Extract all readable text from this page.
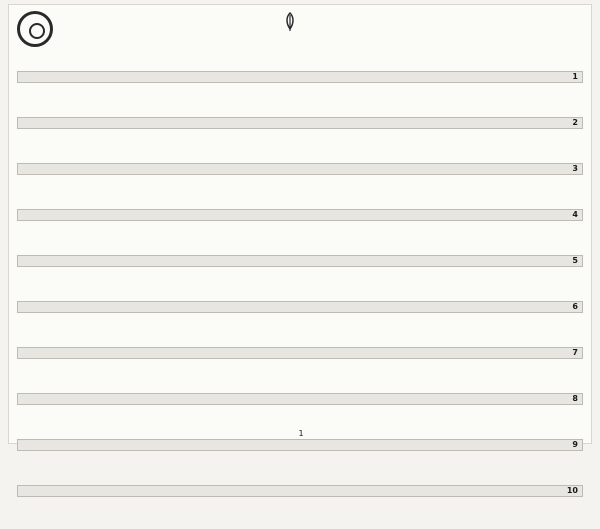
1
2
3
4
5
6
7
8
9
10
1
